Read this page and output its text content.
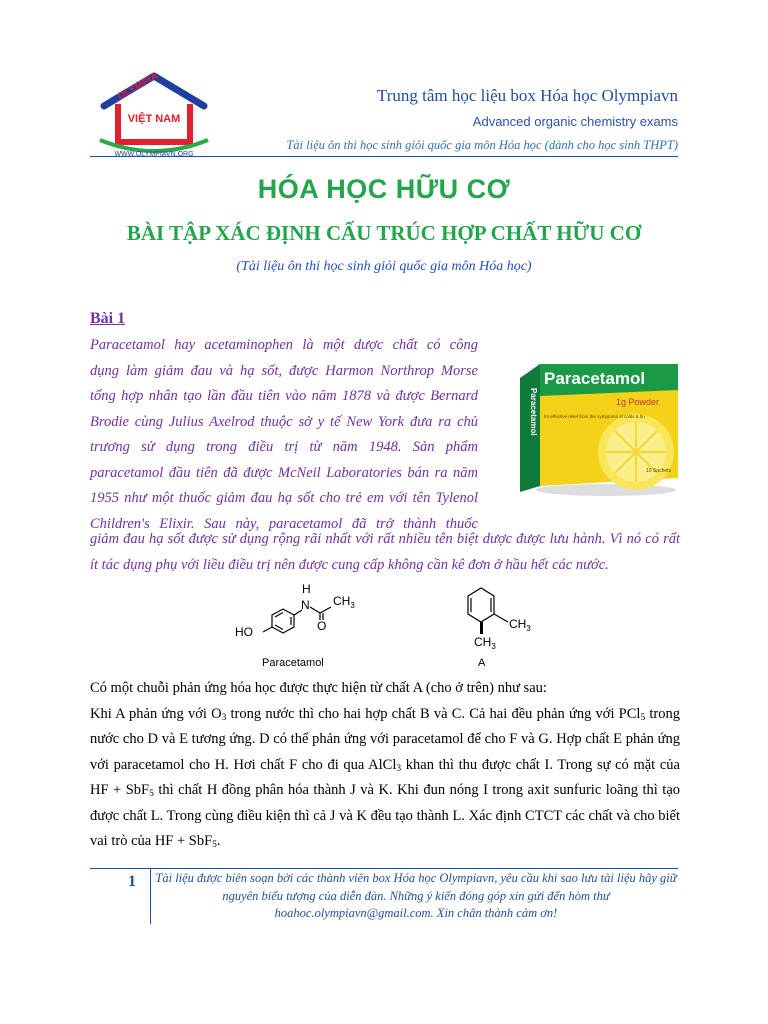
OLYMPIA
VIỆT NAM
WWW.OLYMPIAVN.ORG
Trung tâm học liệu box Hóa học Olympiavn
Advanced organic chemistry exams
Tài liệu ôn thi học sinh giỏi quốc gia môn Hóa học (dành cho học sinh THPT)
HÓA HỌC HỮU CƠ
BÀI TẬP XÁC ĐỊNH CẤU TRÚC HỢP CHẤT HỮU CƠ
(Tài liệu ôn thi học sinh giỏi quốc gia môn Hóa học)
Bài 1
Paracetamol hay acetaminophen là một dược chất có công
dụng làm giảm đau và hạ sốt, được Harmon Northrop Morse
tổng hợp nhân tạo lần đầu tiên vào năm 1878 và được Bernard
Brodie cùng Julius Axelrod thuộc sở y tế New York đưa ra chủ
trương sử dụng trong điều trị từ năm 1948. Sản phẩm
paracetamol đầu tiên đã được McNeil Laboratories bán ra năm
1955 như một thuốc giảm đau hạ sốt cho trẻ em với tên Tylenol
Children's Elixir. Sau này, paracetamol đã trở thành thuốc
giảm đau hạ sốt được sử dụng rộng rãi nhất với rất nhiều tên biệt dược được lưu hành. Vì nó có rất ít tác dụng phụ với liều điều trị nên được cung cấp không cần kê đơn ở hầu hết các nước.
Paracetamol
1g Powder
for effective relief from the symptoms of colds & flu
Paracetamol
10 Sachets
HO
H
N
O
$CH_3$
Paracetamol
$CH_3$
$CH_3$
A

Có một chuỗi phản ứng hóa học được thực hiện từ chất A (cho ở trên) như sau:

Khi A phản ứng với $O_3$ trong nước thì cho hai hợp chất B và C. Cả hai đều phản ứng với PCl$_5$ trong nước cho D và E tương ứng. D có thể phản ứng với paracetamol để cho F và G. Hợp chất E phản ứng với paracetamol cho H. Hơi chất F cho đi qua AlCl$_3$ khan thì thu được chất I. Trong sự có mặt của HF + SbF$_5$ thì chất H đồng phân hóa thành J và K. Khi đun nóng I trong axit sunfuric loãng thì tạo được chất L. Trong cùng điều kiện thì cả J và K đều tạo thành L. Xác định CTCT các chất và cho biết vai trò của HF + SbF$_5$.

1 Tài liệu được biên soạn bởi các thành viên box Hóa học Olympiavn, yêu cầu khi sao lưu tài liệu hãy giữ nguyên biểu tượng của diễn đàn. Những ý kiến đóng góp xin gửi đến hòm thư hoahoc.olympiavn@gmail.com. Xin chân thành cảm ơn!
